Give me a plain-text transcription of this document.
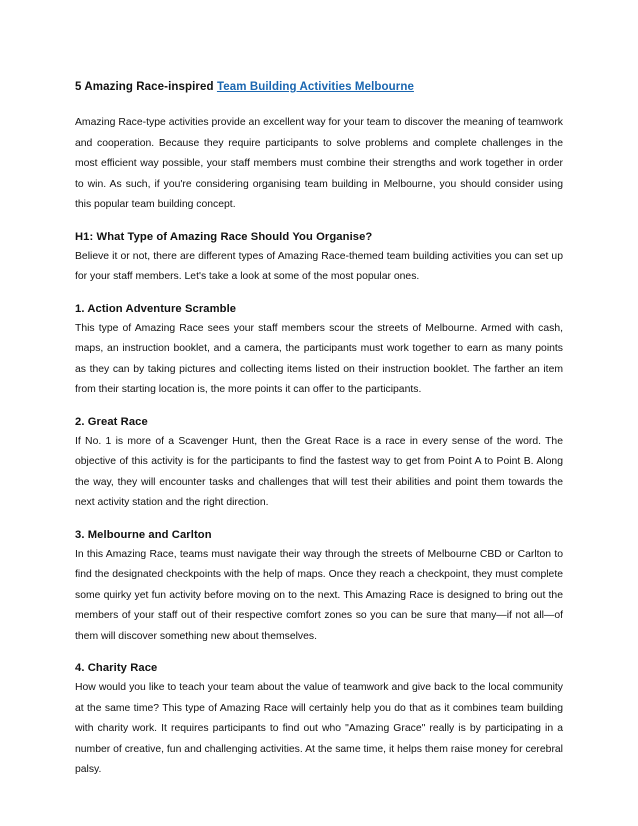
5 Amazing Race-inspired Team Building Activities Melbourne

Amazing Race-type activities provide an excellent way for your team to discover the meaning of teamwork and cooperation. Because they require participants to solve problems and complete challenges in the most efficient way possible, your staff members must combine their strengths and work together in order to win. As such, if you're considering organising team building in Melbourne, you should consider using this popular team building concept.

H1: What Type of Amazing Race Should You Organise?

Believe it or not, there are different types of Amazing Race-themed team building activities you can set up for your staff members. Let's take a look at some of the most popular ones.

1. Action Adventure Scramble

This type of Amazing Race sees your staff members scour the streets of Melbourne. Armed with cash, maps, an instruction booklet, and a camera, the participants must work together to earn as many points as they can by taking pictures and collecting items listed on their instruction booklet. The farther an item from their starting location is, the more points it can offer to the participants.

2. Great Race

If No. 1 is more of a Scavenger Hunt, then the Great Race is a race in every sense of the word. The objective of this activity is for the participants to find the fastest way to get from Point A to Point B. Along the way, they will encounter tasks and challenges that will test their abilities and point them towards the next activity station and the right direction.

3. Melbourne and Carlton

In this Amazing Race, teams must navigate their way through the streets of Melbourne CBD or Carlton to find the designated checkpoints with the help of maps. Once they reach a checkpoint, they must complete some quirky yet fun activity before moving on to the next. This Amazing Race is designed to bring out the members of your staff out of their respective comfort zones so you can be sure that many—if not all—of them will discover something new about themselves.

4. Charity Race

How would you like to teach your team about the value of teamwork and give back to the local community at the same time? This type of Amazing Race will certainly help you do that as it combines team building with charity work. It requires participants to find out who "Amazing Grace" really is by participating in a number of creative, fun and challenging activities. At the same time, it helps them raise money for cerebral palsy.
